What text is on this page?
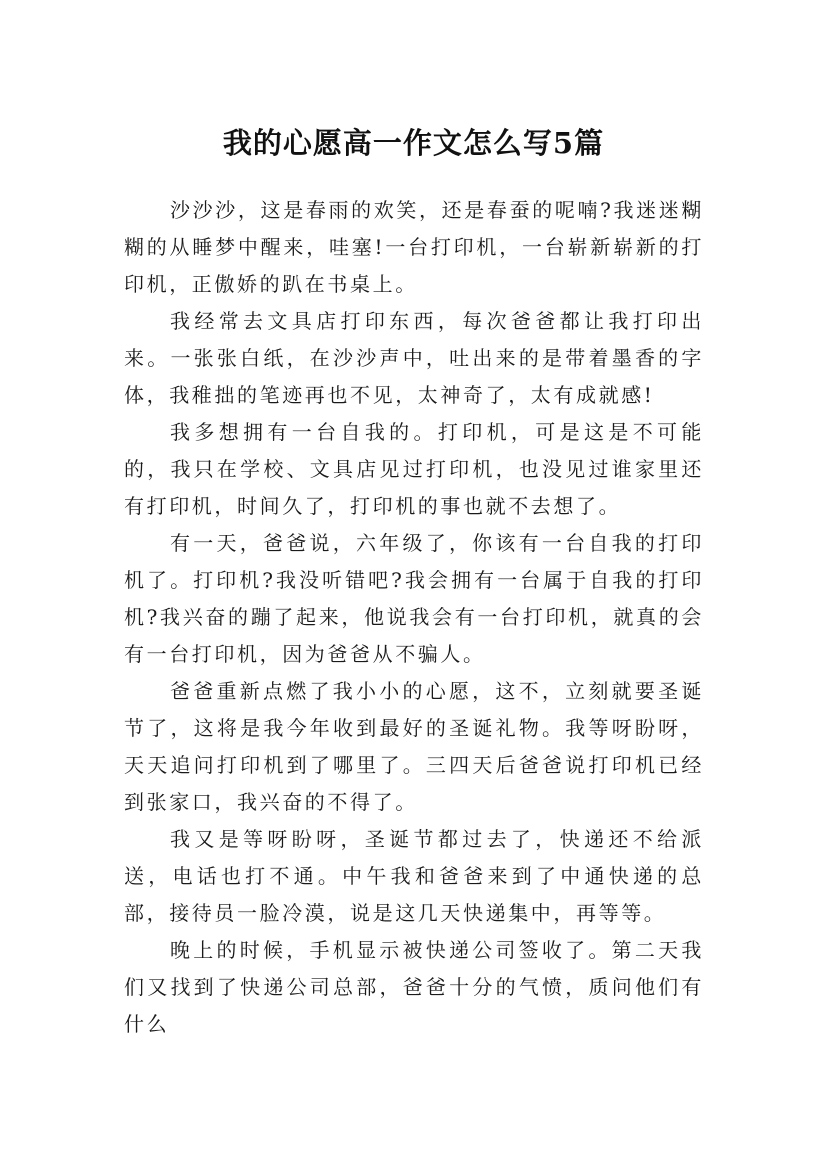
我的心愿高一作文怎么写5篇

沙沙沙，这是春雨的欢笑，还是春蚕的呢喃?我迷迷糊糊的从睡梦中醒来，哇塞!一台打印机，一台崭新崭新的打印机，正傲娇的趴在书桌上。

我经常去文具店打印东西，每次爸爸都让我打印出来。一张张白纸，在沙沙声中，吐出来的是带着墨香的字体，我稚拙的笔迹再也不见，太神奇了，太有成就感!

我多想拥有一台自我的。打印机，可是这是不可能的，我只在学校、文具店见过打印机，也没见过谁家里还有打印机，时间久了，打印机的事也就不去想了。

有一天，爸爸说，六年级了，你该有一台自我的打印机了。打印机?我没听错吧?我会拥有一台属于自我的打印机?我兴奋的蹦了起来，他说我会有一台打印机，就真的会有一台打印机，因为爸爸从不骗人。

爸爸重新点燃了我小小的心愿，这不，立刻就要圣诞节了，这将是我今年收到最好的圣诞礼物。我等呀盼呀，天天追问打印机到了哪里了。三四天后爸爸说打印机已经到张家口，我兴奋的不得了。

我又是等呀盼呀，圣诞节都过去了，快递还不给派送，电话也打不通。中午我和爸爸来到了中通快递的总部，接待员一脸冷漠，说是这几天快递集中，再等等。

晚上的时候，手机显示被快递公司签收了。第二天我们又找到了快递公司总部，爸爸十分的气愤，质问他们有什么
